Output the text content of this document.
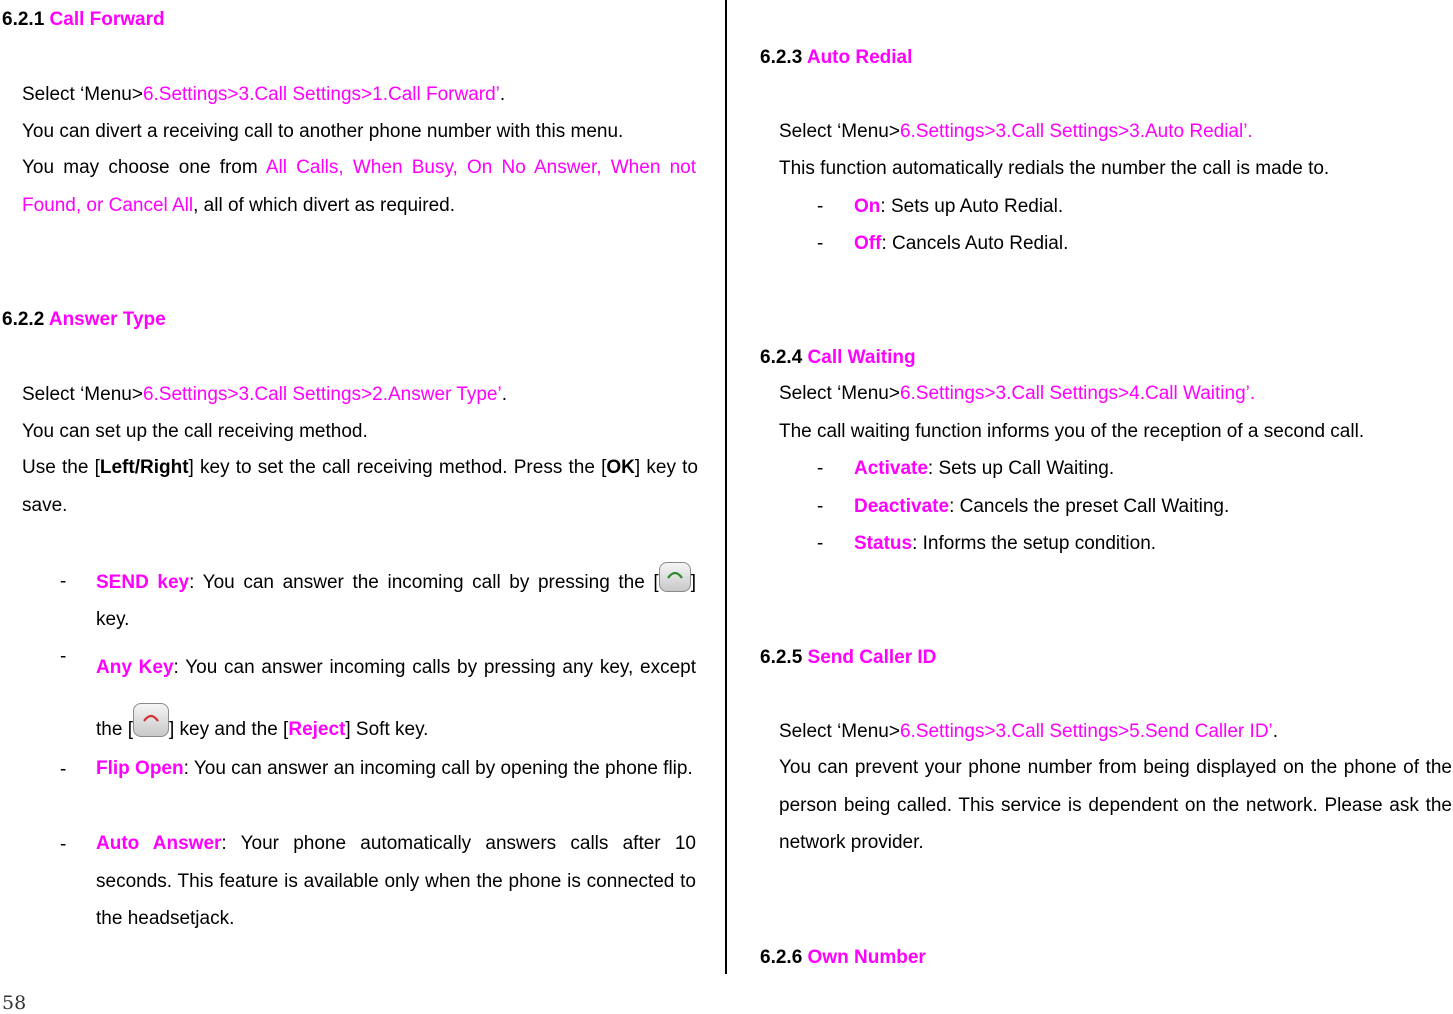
6.2.1 Call Forward
Select ‘Menu>6.Settings>3.Call Settings>1.Call Forward’.
You can divert a receiving call to another phone number with this menu.
You may choose one from All Calls, When Busy, On No Answer, When not Found, or Cancel All, all of which divert as required.
6.2.2 Answer Type
Select ‘Menu>6.Settings>3.Call Settings>2.Answer Type’.
You can set up the call receiving method.
Use the [Left/Right] key to set the call receiving method. Press the [OK] key to save.
- SEND key: You can answer the incoming call by pressing the [ ] key.
-
Any Key: You can answer incoming calls by pressing any key, except the [ ] key and the [Reject] Soft key.
- Flip Open: You can answer an incoming call by opening the phone flip.
- Auto Answer: Your phone automatically answers calls after 10 seconds. This feature is available only when the phone is connected to the headsetjack.
58
6.2.3 Auto Redial
Select ‘Menu>6.Settings>3.Call Settings>3.Auto Redial’.
This function automatically redials the number the call is made to.
- On: Sets up Auto Redial.
- Off: Cancels Auto Redial.
6.2.4 Call Waiting
Select ‘Menu>6.Settings>3.Call Settings>4.Call Waiting’.
The call waiting function informs you of the reception of a second call.
- Activate: Sets up Call Waiting.
- Deactivate: Cancels the preset Call Waiting.
- Status: Informs the setup condition.
6.2.5 Send Caller ID
Select ‘Menu>6.Settings>3.Call Settings>5.Send Caller ID’.
You can prevent your phone number from being displayed on the phone of the person being called. This service is dependent on the network. Please ask the network provider.
6.2.6 Own Number
